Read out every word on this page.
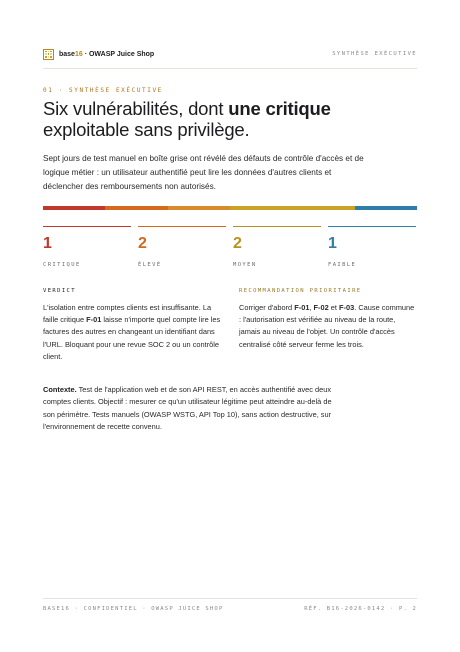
base16 · OWASP Juice Shop	SYNTHÈSE EXÉCUTIVE
01 · SYNTHÈSE EXÉCUTIVE
Six vulnérabilités, dont une critique exploitable sans privilège.

Sept jours de test manuel en boîte grise ont révélé des défauts de contrôle d'accès et de logique métier : un utilisateur authentifié peut lire les données d'autres clients et déclencher des remboursements non autorisés.

1
CRITIQUE
2
ÉLEVÉ
2
MOYEN
1
FAIBLE
VERDICT

L'isolation entre comptes clients est insuffisante. La faille critique F-01 laisse n'importe quel compte lire les factures des autres en changeant un identifiant dans l'URL. Bloquant pour une revue SOC 2 ou un contrôle client.

RECOMMANDATION PRIORITAIRE

Corriger d'abord F-01, F-02 et F-03. Cause commune : l'autorisation est vérifiée au niveau de la route, jamais au niveau de l'objet. Un contrôle d'accès centralisé côté serveur ferme les trois.

Contexte. Test de l'application web et de son API REST, en accès authentifié avec deux comptes clients. Objectif : mesurer ce qu'un utilisateur légitime peut atteindre au-delà de son périmètre. Tests manuels (OWASP WSTG, API Top 10), sans action destructive, sur l'environnement de recette convenu.

BASE16 · CONFIDENTIEL · OWASP JUICE SHOP	RÉF. B16-2026-0142 · P. 2
